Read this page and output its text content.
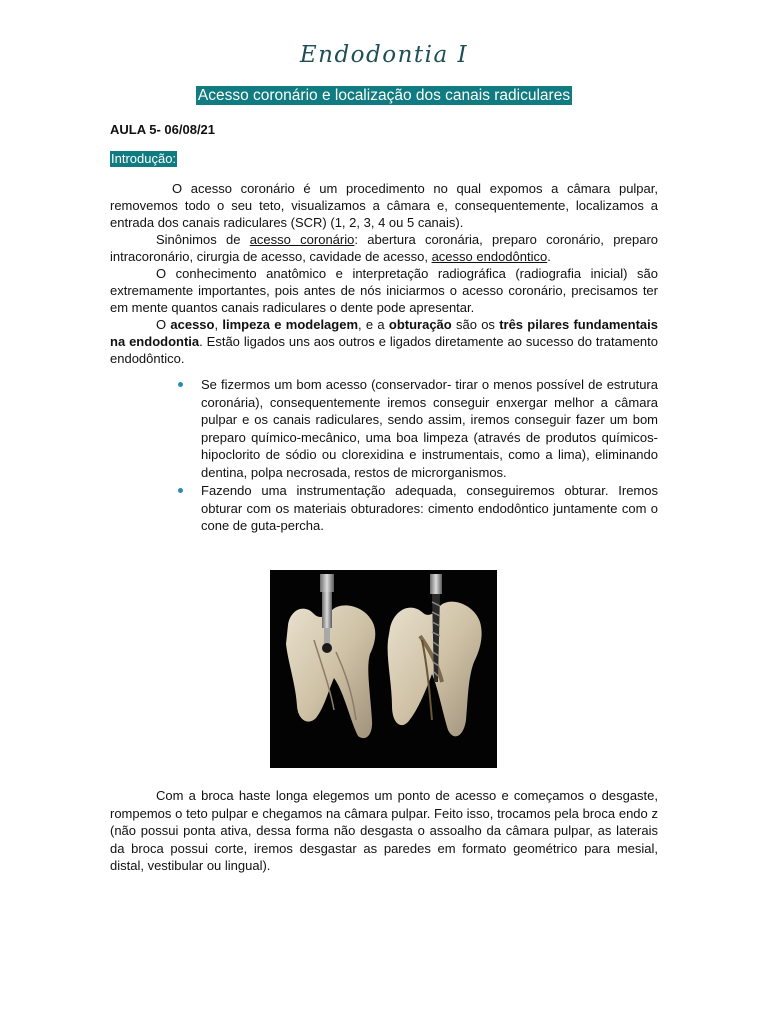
Endodontia I
Acesso coronário e localização dos canais radiculares
AULA 5- 06/08/21
Introdução:

O acesso coronário é um procedimento no qual expomos a câmara pulpar, removemos todo o seu teto, visualizamos a câmara e, consequentemente, localizamos a entrada dos canais radiculares (SCR) (1, 2, 3, 4 ou 5 canais).

Sinônimos de acesso coronário: abertura coronária, preparo coronário, preparo intracoronário, cirurgia de acesso, cavidade de acesso, acesso endodôntico.

O conhecimento anatômico e interpretação radiográfica (radiografia inicial) são extremamente importantes, pois antes de nós iniciarmos o acesso coronário, precisamos ter em mente quantos canais radiculares o dente pode apresentar.

O acesso, limpeza e modelagem, e a obturação são os três pilares fundamentais na endodontia. Estão ligados uns aos outros e ligados diretamente ao sucesso do tratamento endodôntico.

Se fizermos um bom acesso (conservador- tirar o menos possível de estrutura coronária), consequentemente iremos conseguir enxergar melhor a câmara pulpar e os canais radiculares, sendo assim, iremos conseguir fazer um bom preparo químico-mecânico, uma boa limpeza (através de produtos químicos- hipoclorito de sódio ou clorexidina e instrumentais, como a lima), eliminando dentina, polpa necrosada, restos de microrganismos.
Fazendo uma instrumentação adequada, conseguiremos obturar. Iremos obturar com os materiais obturadores: cimento endodôntico juntamente com o cone de guta-percha.

Com a broca haste longa elegemos um ponto de acesso e começamos o desgaste, rompemos o teto pulpar e chegamos na câmara pulpar. Feito isso, trocamos pela broca endo z (não possui ponta ativa, dessa forma não desgasta o assoalho da câmara pulpar, as laterais da broca possui corte, iremos desgastar as paredes em formato geométrico para mesial, distal, vestibular ou lingual).
